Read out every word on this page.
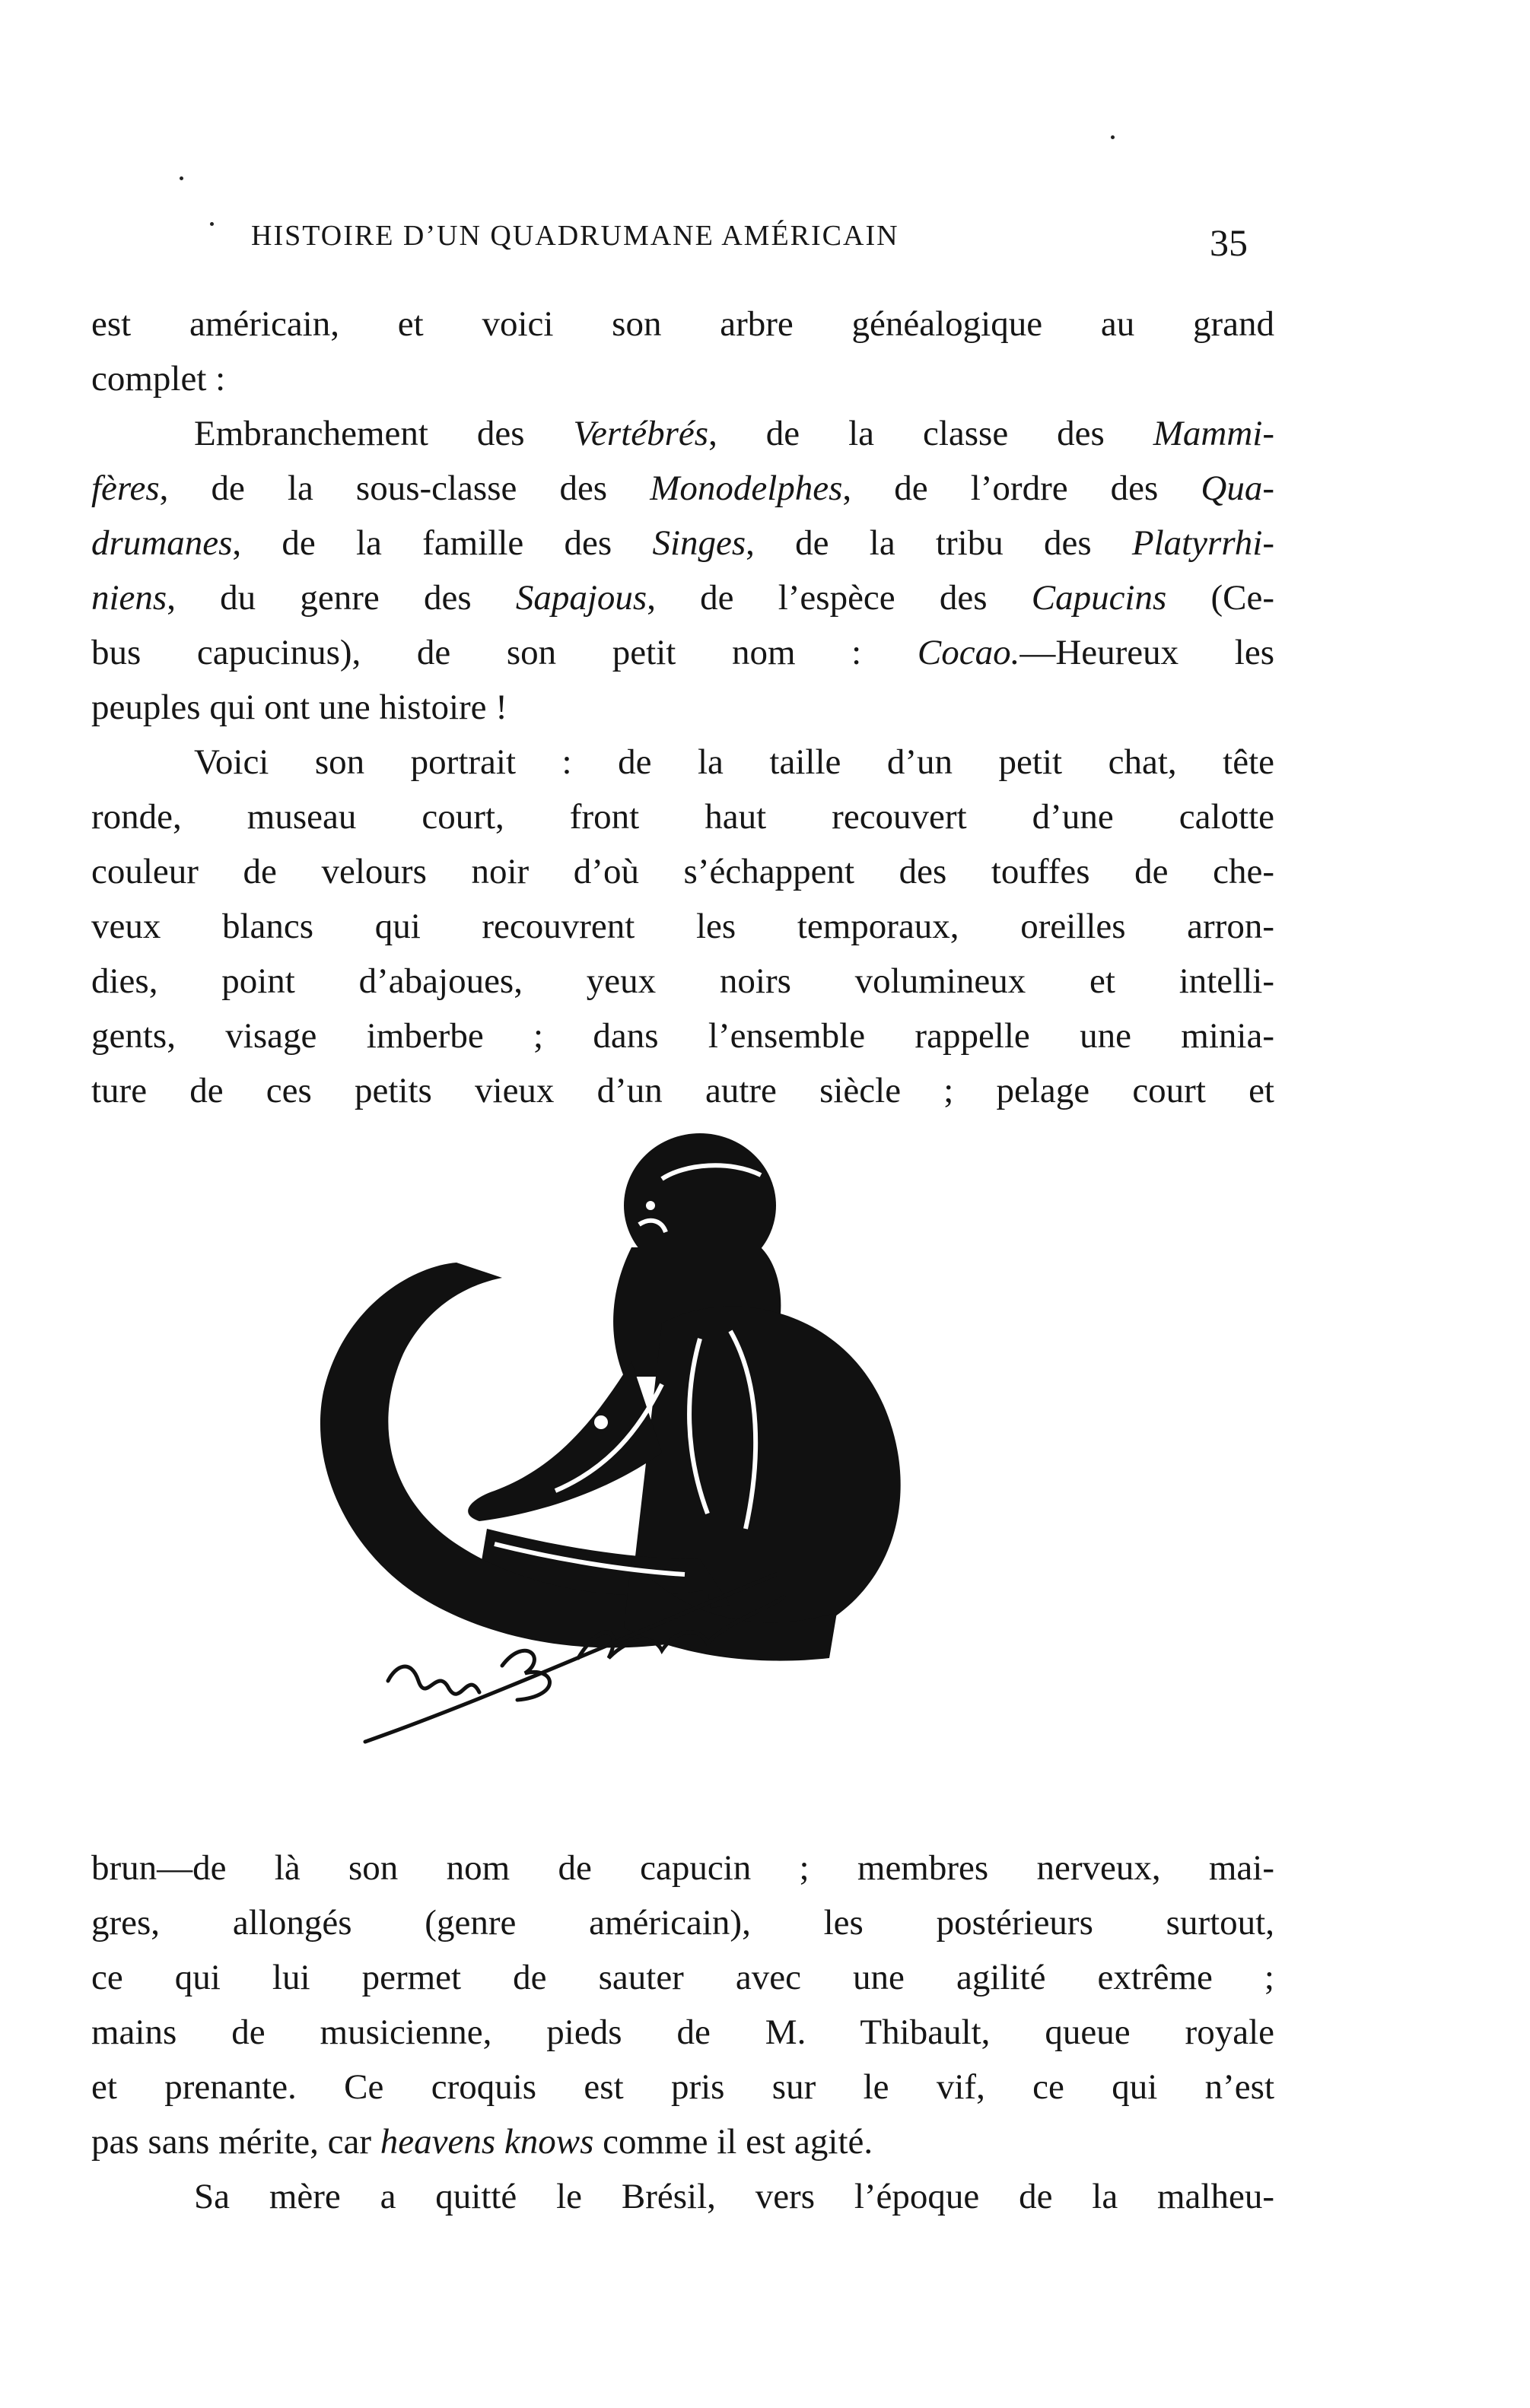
HISTOIRE D’UN QUADRUMANE AMÉRICAIN	35
est américain, et voici son arbre généalogique au grand
complet :
Embranchement des Vertébrés, de la classe des Mammi-
fères, de la sous-classe des Monodelphes, de l’ordre des Qua-
drumanes, de la famille des Singes, de la tribu des Platyrrhi-
niens, du genre des Sapajous, de l’espèce des Capucins (Ce-
bus capucinus), de son petit nom : Cocao.—Heureux les
peuples qui ont une histoire !
Voici son portrait : de la taille d’un petit chat, tête
ronde, museau court, front haut recouvert d’une calotte
couleur de velours noir d’où s’échappent des touffes de che-
veux blancs qui recouvrent les temporaux, oreilles arron-
dies, point d’abajoues, yeux noirs volumineux et intelli-
gents, visage imberbe ; dans l’ensemble rappelle une minia-
ture de ces petits vieux d’un autre siècle ; pelage court et
brun—de là son nom de capucin ; membres nerveux, mai-
gres, allongés (genre américain), les postérieurs surtout,
ce qui lui permet de sauter avec une agilité extrême ;
mains de musicienne, pieds de M. Thibault, queue royale
et prenante. Ce croquis est pris sur le vif, ce qui n’est
pas sans mérite, car heavens knows comme il est agité.
Sa mère a quitté le Brésil, vers l’époque de la malheu-
